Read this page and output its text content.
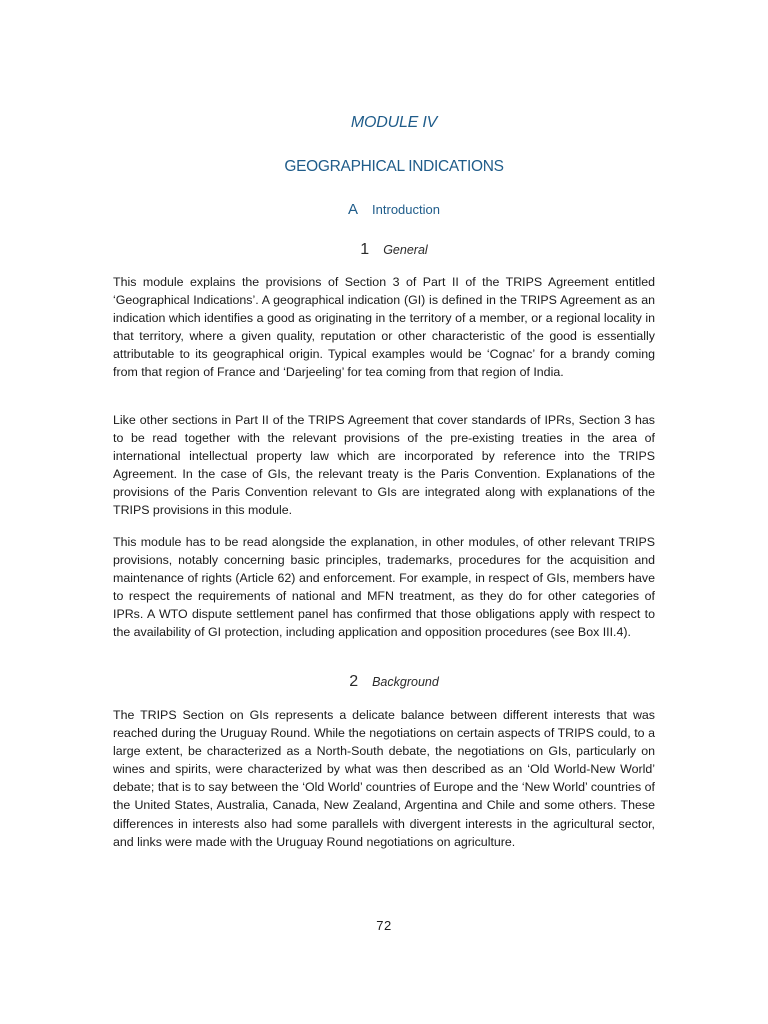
MODULE IV
GEOGRAPHICAL INDICATIONS
A Introduction
1 General

This module explains the provisions of Section 3 of Part II of the TRIPS Agreement entitled ‘Geographical Indications’. A geographical indication (GI) is defined in the TRIPS Agreement as an indication which identifies a good as originating in the territory of a member, or a regional locality in that territory, where a given quality, reputation or other characteristic of the good is essentially attributable to its geographical origin. Typical examples would be ‘Cognac’ for a brandy coming from that region of France and ‘Darjeeling’ for tea coming from that region of India.

Like other sections in Part II of the TRIPS Agreement that cover standards of IPRs, Section 3 has to be read together with the relevant provisions of the pre-existing treaties in the area of international intellectual property law which are incorporated by reference into the TRIPS Agreement. In the case of GIs, the relevant treaty is the Paris Convention. Explanations of the provisions of the Paris Convention relevant to GIs are integrated along with explanations of the TRIPS provisions in this module.

This module has to be read alongside the explanation, in other modules, of other relevant TRIPS provisions, notably concerning basic principles, trademarks, procedures for the acquisition and maintenance of rights (Article 62) and enforcement. For example, in respect of GIs, members have to respect the requirements of national and MFN treatment, as they do for other categories of IPRs. A WTO dispute settlement panel has confirmed that those obligations apply with respect to the availability of GI protection, including application and opposition procedures (see Box III.4).

2 Background

The TRIPS Section on GIs represents a delicate balance between different interests that was reached during the Uruguay Round. While the negotiations on certain aspects of TRIPS could, to a large extent, be characterized as a North-South debate, the negotiations on GIs, particularly on wines and spirits, were characterized by what was then described as an ‘Old World-New World’ debate; that is to say between the ‘Old World’ countries of Europe and the ‘New World’ countries of the United States, Australia, Canada, New Zealand, Argentina and Chile and some others. These differences in interests also had some parallels with divergent interests in the agricultural sector, and links were made with the Uruguay Round negotiations on agriculture.

72
